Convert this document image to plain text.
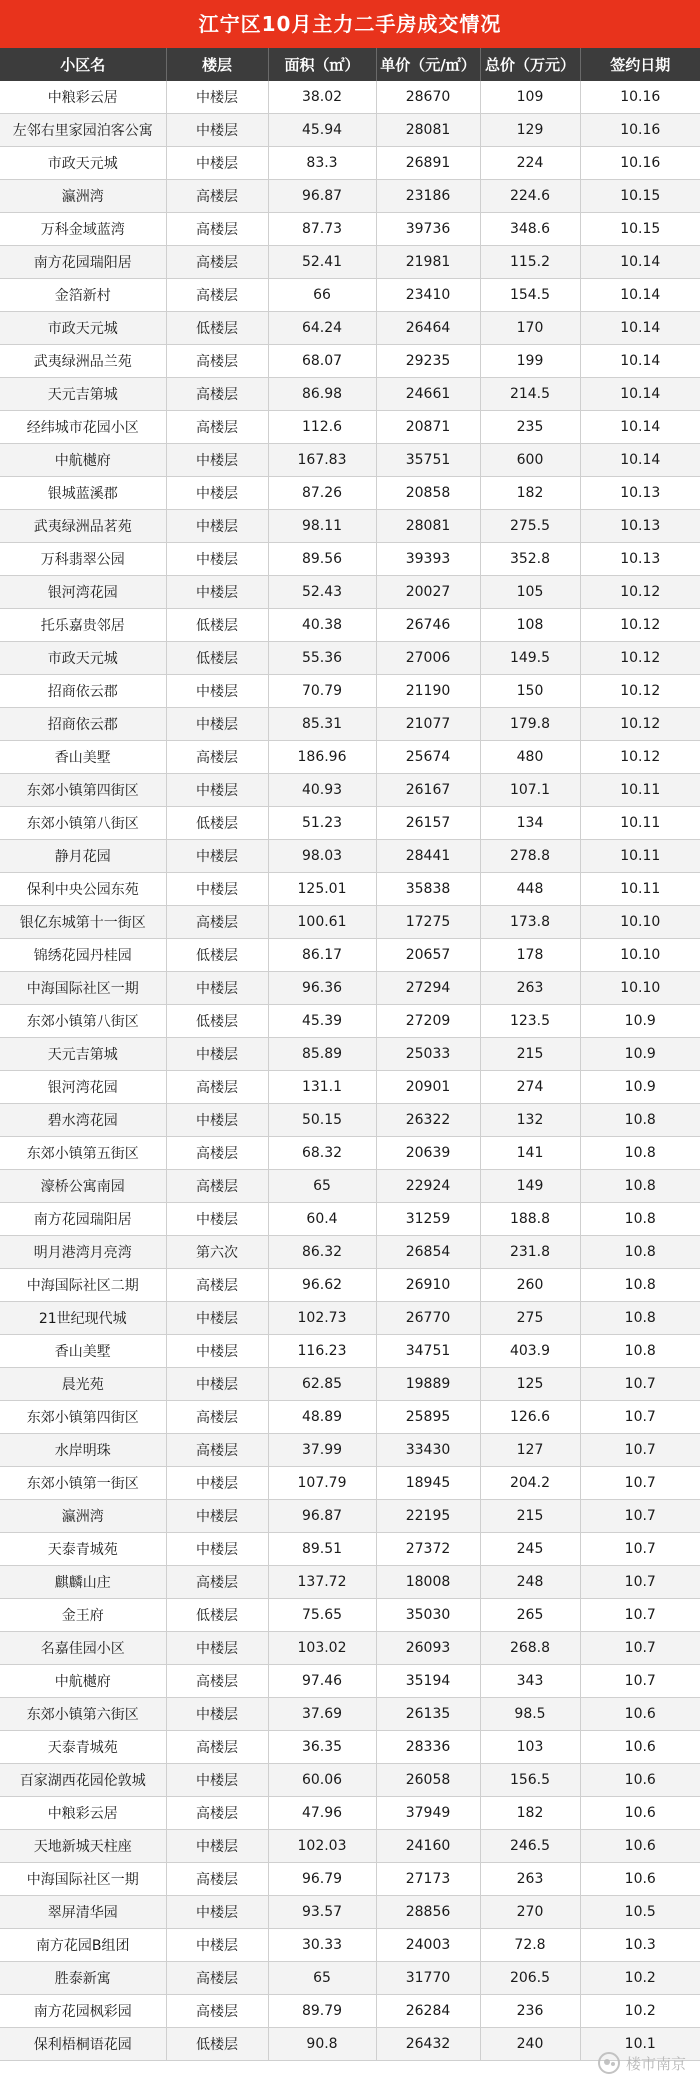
江宁区10月主力二手房成交情况
小区名	楼层	面积（㎡）	单价（元/㎡）	总价（万元）	签约日期
中粮彩云居	中楼层	38.02	28670	109	10.16
左邻右里家园泊客公寓	中楼层	45.94	28081	129	10.16
市政天元城	中楼层	83.3	26891	224	10.16
瀛洲湾	高楼层	96.87	23186	224.6	10.15
万科金域蓝湾	高楼层	87.73	39736	348.6	10.15
南方花园瑞阳居	高楼层	52.41	21981	115.2	10.14
金箔新村	高楼层	66	23410	154.5	10.14
市政天元城	低楼层	64.24	26464	170	10.14
武夷绿洲品兰苑	高楼层	68.07	29235	199	10.14
天元吉第城	高楼层	86.98	24661	214.5	10.14
经纬城市花园小区	高楼层	112.6	20871	235	10.14
中航樾府	中楼层	167.83	35751	600	10.14
银城蓝溪郡	中楼层	87.26	20858	182	10.13
武夷绿洲品茗苑	中楼层	98.11	28081	275.5	10.13
万科翡翠公园	中楼层	89.56	39393	352.8	10.13
银河湾花园	中楼层	52.43	20027	105	10.12
托乐嘉贵邻居	低楼层	40.38	26746	108	10.12
市政天元城	低楼层	55.36	27006	149.5	10.12
招商依云郡	中楼层	70.79	21190	150	10.12
招商依云郡	中楼层	85.31	21077	179.8	10.12
香山美墅	高楼层	186.96	25674	480	10.12
东郊小镇第四街区	中楼层	40.93	26167	107.1	10.11
东郊小镇第八街区	低楼层	51.23	26157	134	10.11
静月花园	中楼层	98.03	28441	278.8	10.11
保利中央公园东苑	中楼层	125.01	35838	448	10.11
银亿东城第十一街区	高楼层	100.61	17275	173.8	10.10
锦绣花园丹桂园	低楼层	86.17	20657	178	10.10
中海国际社区一期	中楼层	96.36	27294	263	10.10
东郊小镇第八街区	低楼层	45.39	27209	123.5	10.9
天元吉第城	中楼层	85.89	25033	215	10.9
银河湾花园	高楼层	131.1	20901	274	10.9
碧水湾花园	中楼层	50.15	26322	132	10.8
东郊小镇第五街区	高楼层	68.32	20639	141	10.8
濠桥公寓南园	高楼层	65	22924	149	10.8
南方花园瑞阳居	中楼层	60.4	31259	188.8	10.8
明月港湾月亮湾	第六次	86.32	26854	231.8	10.8
中海国际社区二期	高楼层	96.62	26910	260	10.8
21世纪现代城	中楼层	102.73	26770	275	10.8
香山美墅	中楼层	116.23	34751	403.9	10.8
晨光苑	中楼层	62.85	19889	125	10.7
东郊小镇第四街区	高楼层	48.89	25895	126.6	10.7
水岸明珠	高楼层	37.99	33430	127	10.7
东郊小镇第一街区	中楼层	107.79	18945	204.2	10.7
瀛洲湾	中楼层	96.87	22195	215	10.7
天泰青城苑	中楼层	89.51	27372	245	10.7
麒麟山庄	高楼层	137.72	18008	248	10.7
金王府	低楼层	75.65	35030	265	10.7
名嘉佳园小区	中楼层	103.02	26093	268.8	10.7
中航樾府	高楼层	97.46	35194	343	10.7
东郊小镇第六街区	中楼层	37.69	26135	98.5	10.6
天泰青城苑	高楼层	36.35	28336	103	10.6
百家湖西花园伦敦城	中楼层	60.06	26058	156.5	10.6
中粮彩云居	高楼层	47.96	37949	182	10.6
天地新城天柱座	中楼层	102.03	24160	246.5	10.6
中海国际社区一期	高楼层	96.79	27173	263	10.6
翠屏清华园	中楼层	93.57	28856	270	10.5
南方花园B组团	中楼层	30.33	24003	72.8	10.3
胜泰新寓	高楼层	65	31770	206.5	10.2
南方花园枫彩园	高楼层	89.79	26284	236	10.2
保利梧桐语花园	低楼层	90.8	26432	240	10.1
楼市南京
